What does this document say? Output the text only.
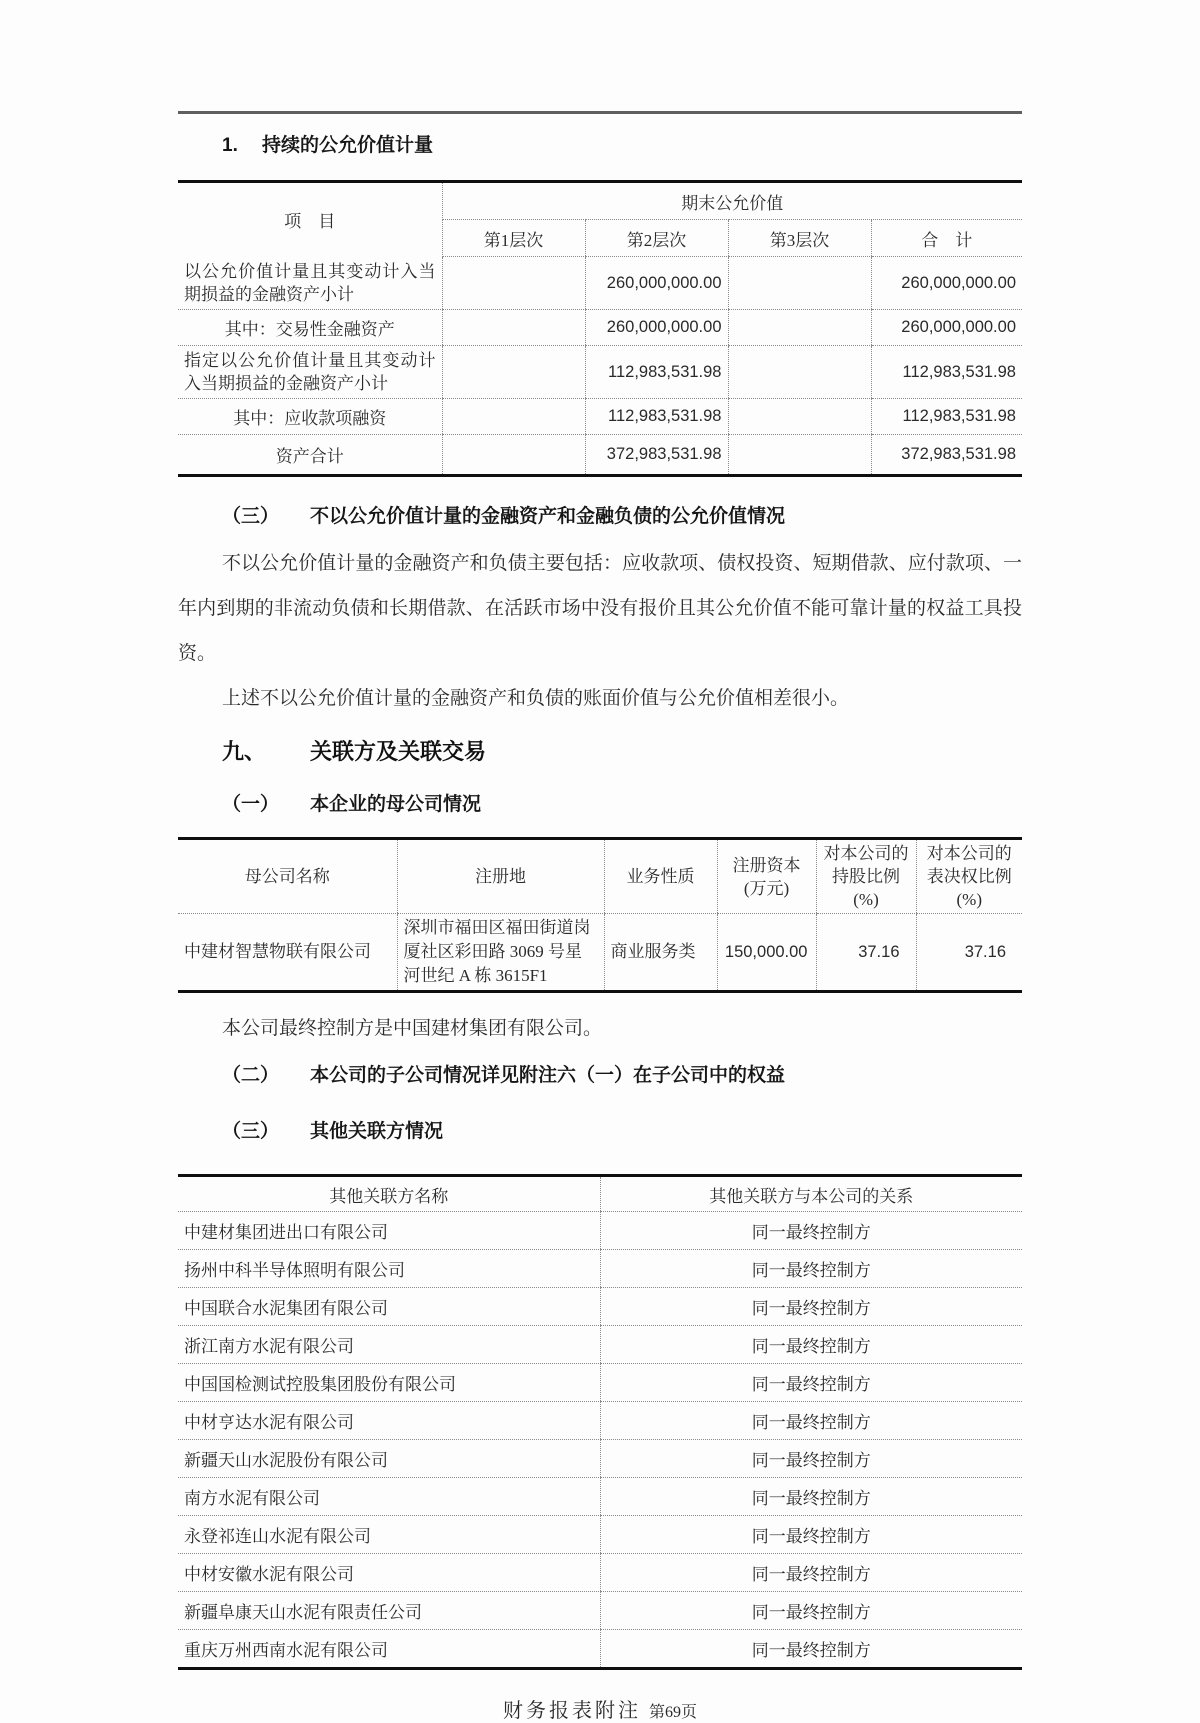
1. 持续的公允价值计量
项　目	期末公允价值			
	第1层次	第2层次	第3层次	合　计
以公允价值计量且其变动计入当期损益的金融资产小计		260,000,000.00		260,000,000.00
其中：交易性金融资产		260,000,000.00		260,000,000.00
指定以公允价值计量且其变动计入当期损益的金融资产小计		112,983,531.98		112,983,531.98
其中：应收款项融资		112,983,531.98		112,983,531.98
资产合计		372,983,531.98		372,983,531.98
（三） 不以公允价值计量的金融资产和金融负债的公允价值情况

不以公允价值计量的金融资产和负债主要包括：应收款项、债权投资、短期借款、应付款项、一年内到期的非流动负债和长期借款、在活跃市场中没有报价且其公允价值不能可靠计量的权益工具投资。

上述不以公允价值计量的金融资产和负债的账面价值与公允价值相差很小。

九、 关联方及关联交易
（一） 本企业的母公司情况
母公司名称	注册地	业务性质	注册资本 (万元)	对本公司的 持股比例 (%)	对本公司的 表决权比例 (%)
中建材智慧物联有限公司	深圳市福田区福田街道岗厦社区彩田路 3069 号星河世纪 A 栋 3615F1	商业服务类	150,000.00	37.16	37.16

本公司最终控制方是中国建材集团有限公司。

（二） 本公司的子公司情况详见附注六（一）在子公司中的权益
（三） 其他关联方情况
其他关联方名称	其他关联方与本公司的关系
中建材集团进出口有限公司	同一最终控制方
扬州中科半导体照明有限公司	同一最终控制方
中国联合水泥集团有限公司	同一最终控制方
浙江南方水泥有限公司	同一最终控制方
中国国检测试控股集团股份有限公司	同一最终控制方
中材亨达水泥有限公司	同一最终控制方
新疆天山水泥股份有限公司	同一最终控制方
南方水泥有限公司	同一最终控制方
永登祁连山水泥有限公司	同一最终控制方
中材安徽水泥有限公司	同一最终控制方
新疆阜康天山水泥有限责任公司	同一最终控制方
重庆万州西南水泥有限公司	同一最终控制方
财务报表附注 第69页
